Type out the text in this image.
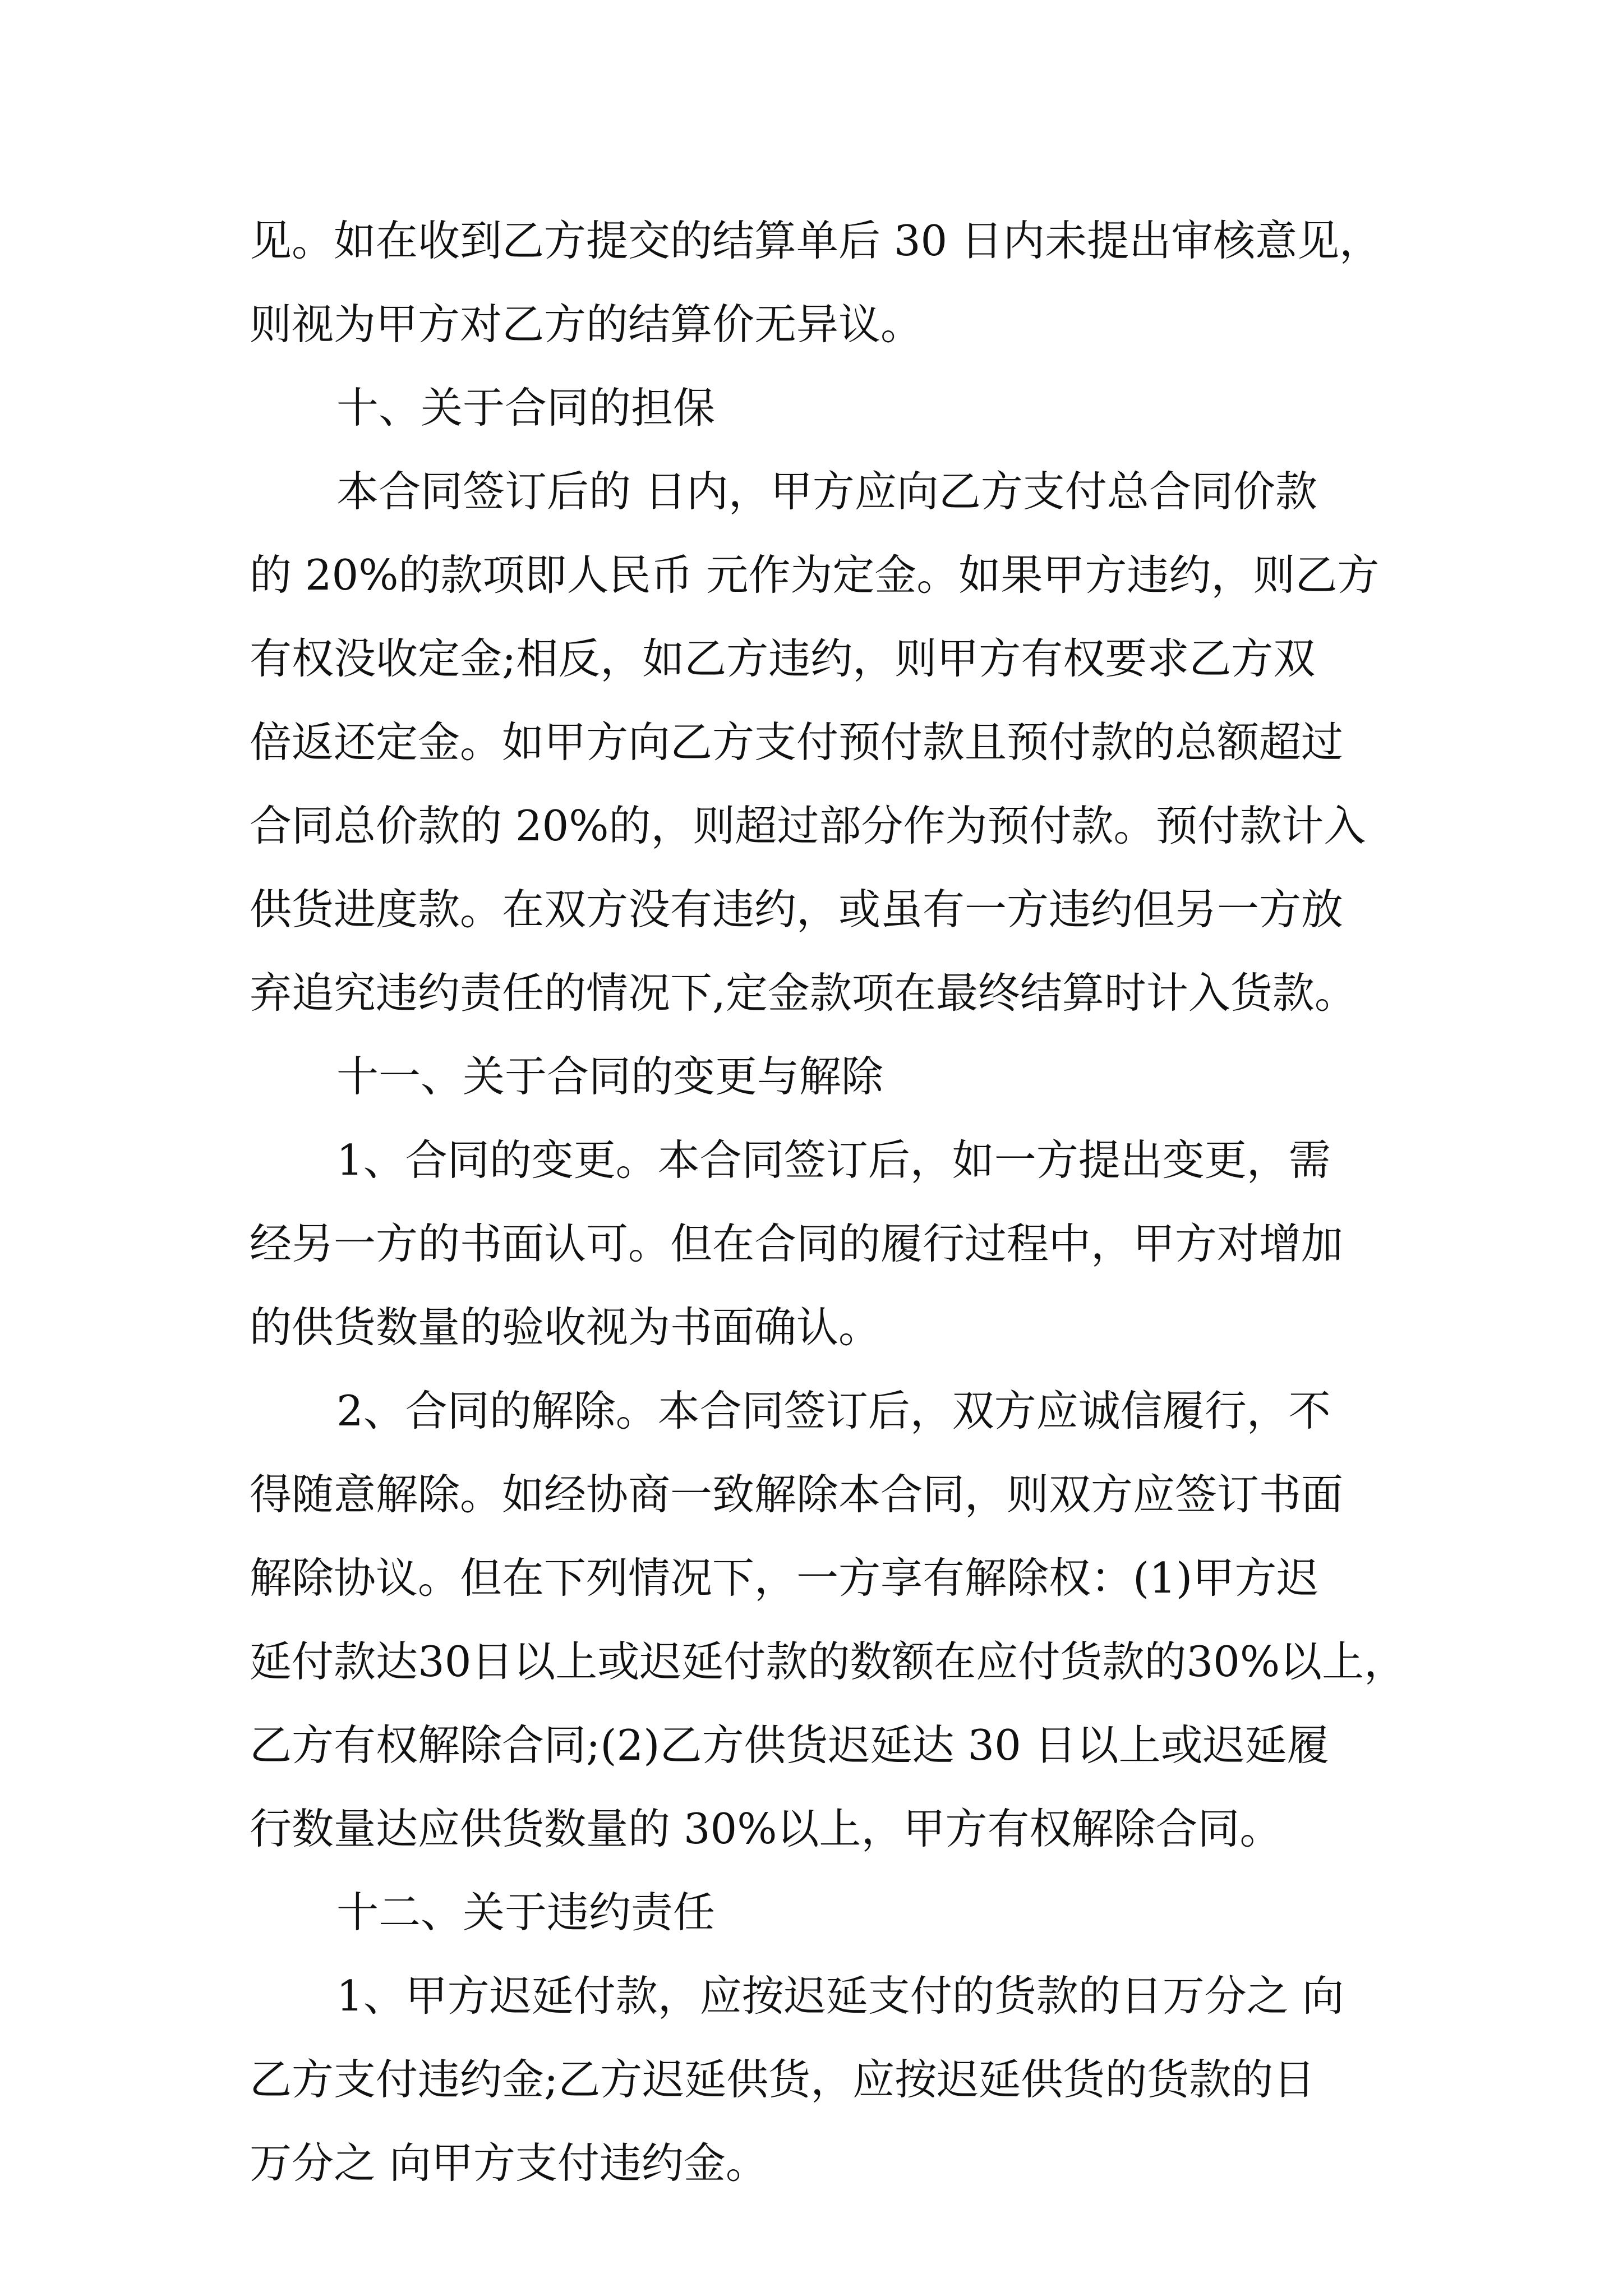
见。如在收到乙方提交的结算单后 30 日内未提出审核意见，
则视为甲方对乙方的结算价无异议。
十、关于合同的担保
本合同签订后的 日内，甲方应向乙方支付总合同价款
的 20%的款项即人民币 元作为定金。如果甲方违约，则乙方
有权没收定金;相反，如乙方违约，则甲方有权要求乙方双
倍返还定金。如甲方向乙方支付预付款且预付款的总额超过
合同总价款的 20%的，则超过部分作为预付款。预付款计入
供货进度款。在双方没有违约，或虽有一方违约但另一方放
弃追究违约责任的情况下,定金款项在最终结算时计入货款。
十一、关于合同的变更与解除
1、合同的变更。本合同签订后，如一方提出变更，需
经另一方的书面认可。但在合同的履行过程中，甲方对增加
的供货数量的验收视为书面确认。
2、合同的解除。本合同签订后，双方应诚信履行，不
得随意解除。如经协商一致解除本合同，则双方应签订书面
解除协议。但在下列情况下，一方享有解除权：(1)甲方迟
延付款达30日以上或迟延付款的数额在应付货款的30%以上，
乙方有权解除合同;(2)乙方供货迟延达 30 日以上或迟延履
行数量达应供货数量的 30%以上，甲方有权解除合同。
十二、关于违约责任
1、甲方迟延付款，应按迟延支付的货款的日万分之 向
乙方支付违约金;乙方迟延供货，应按迟延供货的货款的日
万分之 向甲方支付违约金。
